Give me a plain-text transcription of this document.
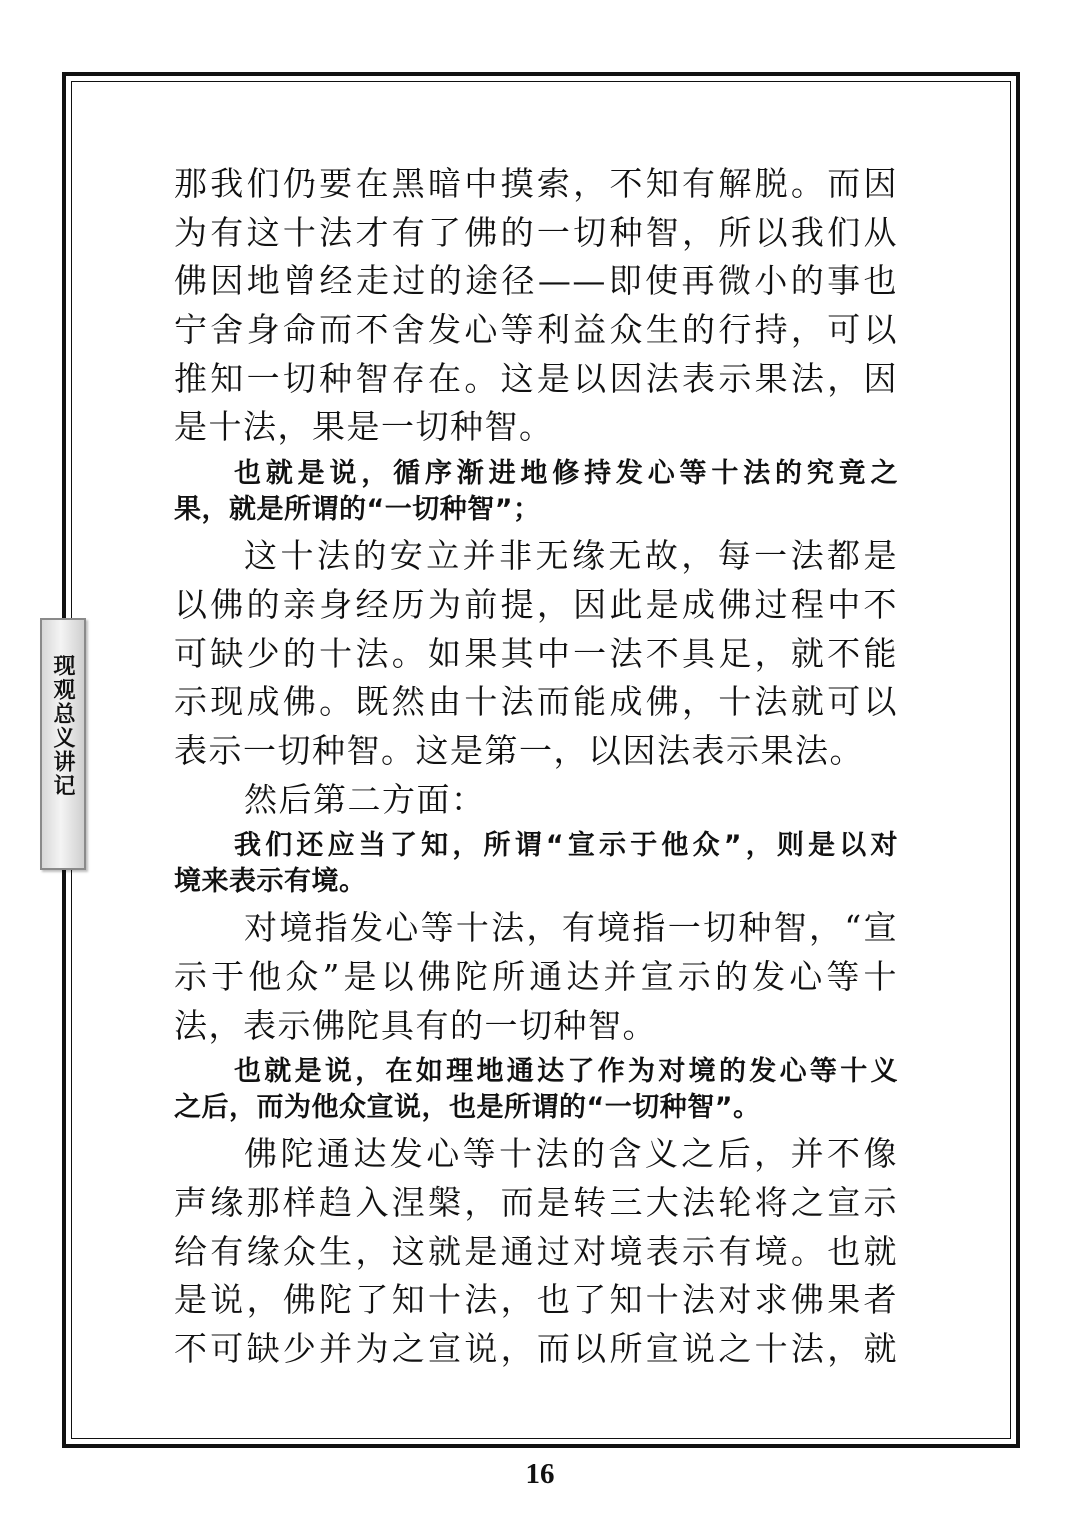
现观总义讲记
那我们仍要在黑暗中摸索，不知有解脱。而因
为有这十法才有了佛的一切种智，所以我们从
佛因地曾经走过的途径——即使再微小的事也
宁舍身命而不舍发心等利益众生的行持，可以
推知一切种智存在。这是以因法表示果法，因
是十法，果是一切种智。
也就是说，循序渐进地修持发心等十法的究竟之
果，就是所谓的“一切种智”；
这十法的安立并非无缘无故，每一法都是
以佛的亲身经历为前提，因此是成佛过程中不
可缺少的十法。如果其中一法不具足，就不能
示现成佛。既然由十法而能成佛，十法就可以
表示一切种智。这是第一，以因法表示果法。
然后第二方面：
我们还应当了知，所谓“宣示于他众”，则是以对
境来表示有境。
对境指发心等十法，有境指一切种智，“宣
示于他众”是以佛陀所通达并宣示的发心等十
法，表示佛陀具有的一切种智。
也就是说，在如理地通达了作为对境的发心等十义
之后，而为他众宣说，也是所谓的“一切种智”。
佛陀通达发心等十法的含义之后，并不像
声缘那样趋入涅槃，而是转三大法轮将之宣示
给有缘众生，这就是通过对境表示有境。也就
是说，佛陀了知十法，也了知十法对求佛果者
不可缺少并为之宣说，而以所宣说之十法，就
16
